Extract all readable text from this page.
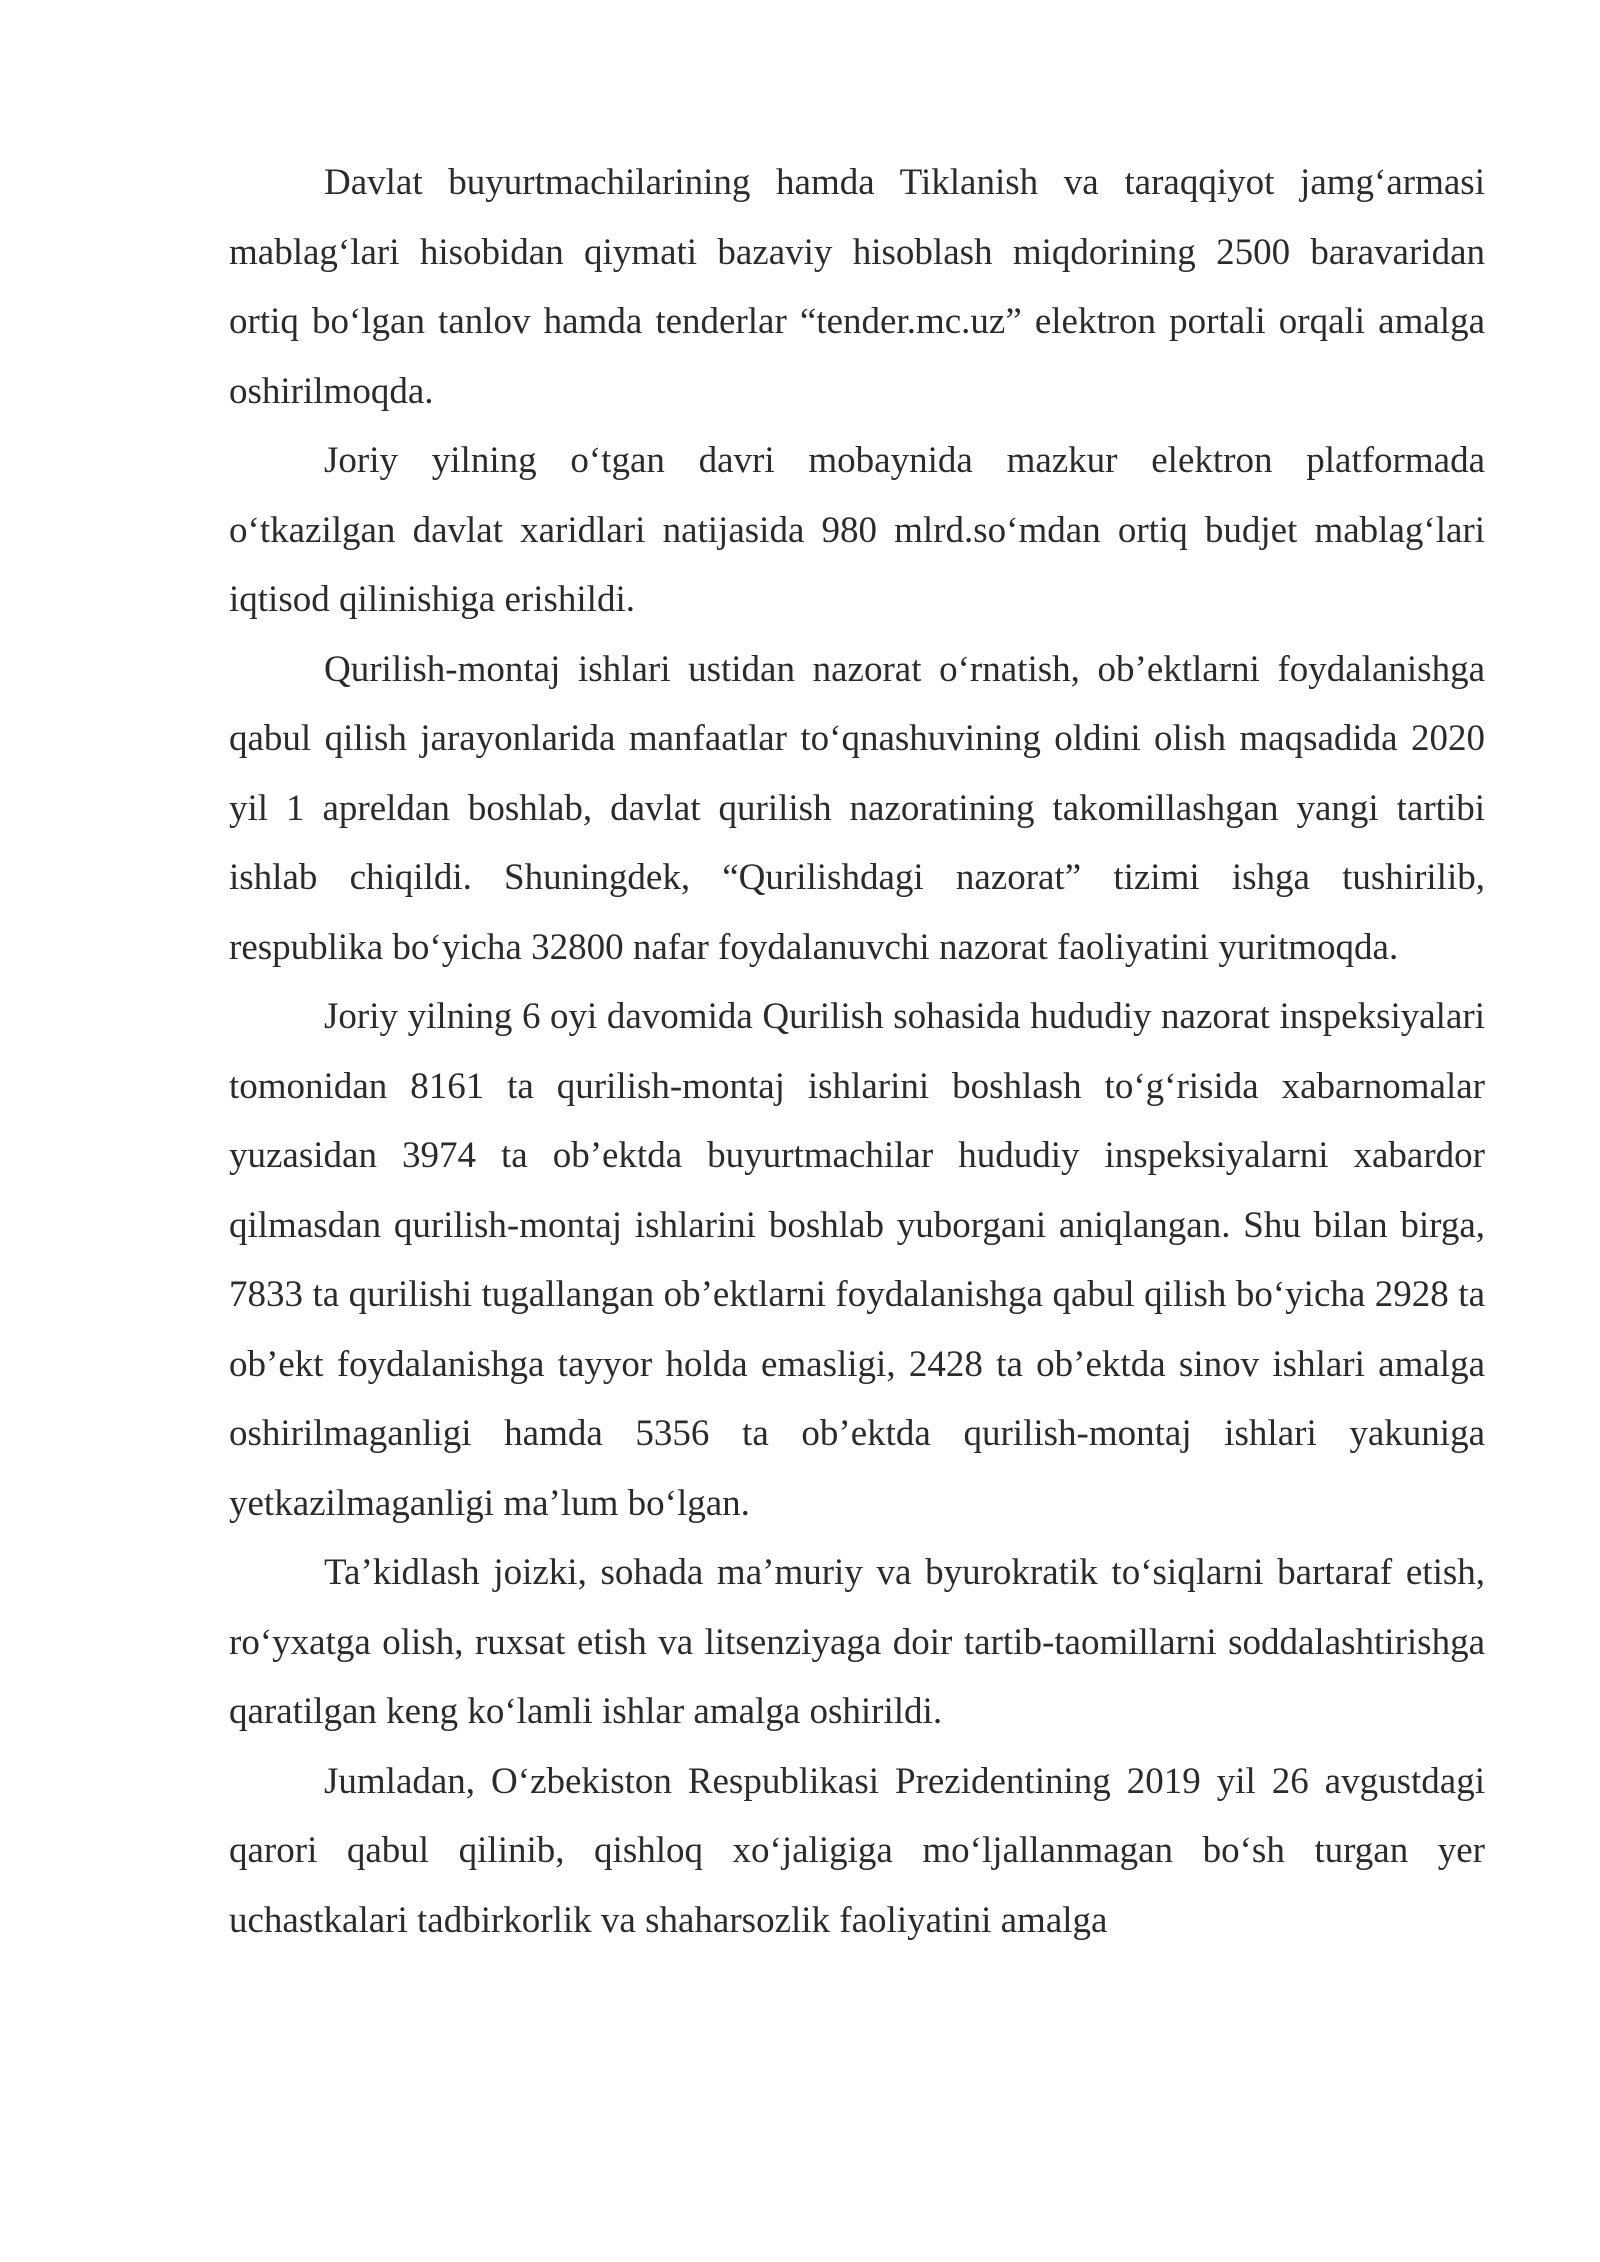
Davlat buyurtmachilarining hamda Tiklanish va taraqqiyot jamg‘armasi mablag‘lari hisobidan qiymati bazaviy hisoblash miqdorining 2500 baravaridan ortiq bo‘lgan tanlov hamda tenderlar “tender.mc.uz” elektron portali orqali amalga oshirilmoqda.

Joriy yilning o‘tgan davri mobaynida mazkur elektron platformada o‘tkazilgan davlat xaridlari natijasida 980 mlrd.so‘mdan ortiq budjet mablag‘lari iqtisod qilinishiga erishildi.

Qurilish-montaj ishlari ustidan nazorat o‘rnatish, ob’ektlarni foydalanishga qabul qilish jarayonlarida manfaatlar to‘qnashuvining oldini olish maqsadida 2020 yil 1 apreldan boshlab, davlat qurilish nazoratining takomillashgan yangi tartibi ishlab chiqildi. Shuningdek, “Qurilishdagi nazorat” tizimi ishga tushirilib, respublika bo‘yicha 32800 nafar foydalanuvchi nazorat faoliyatini yuritmoqda.

Joriy yilning 6 oyi davomida Qurilish sohasida hududiy nazorat inspeksiyalari tomonidan 8161 ta qurilish-montaj ishlarini boshlash to‘g‘risida xabarnomalar yuzasidan 3974 ta ob’ektda buyurtmachilar hududiy inspeksiyalarni xabardor qilmasdan qurilish-montaj ishlarini boshlab yuborgani aniqlangan. Shu bilan birga, 7833 ta qurilishi tugallangan ob’ektlarni foydalanishga qabul qilish bo‘yicha 2928 ta ob’ekt foydalanishga tayyor holda emasligi, 2428 ta ob’ektda sinov ishlari amalga oshirilmaganligi hamda 5356 ta ob’ektda qurilish-montaj ishlari yakuniga yetkazilmaganligi ma’lum bo‘lgan.

Ta’kidlash joizki, sohada ma’muriy va byurokratik to‘siqlarni bartaraf etish, ro‘yxatga olish, ruxsat etish va litsenziyaga doir tartib-taomillarni soddalashtirishga qaratilgan keng ko‘lamli ishlar amalga oshirildi.

Jumladan, O‘zbekiston Respublikasi Prezidentining 2019 yil 26 avgustdagi qarori qabul qilinib, qishloq xo‘jaligiga mo‘ljallanmagan bo‘sh turgan yer uchastkalari tadbirkorlik va shaharsozlik faoliyatini amalga
